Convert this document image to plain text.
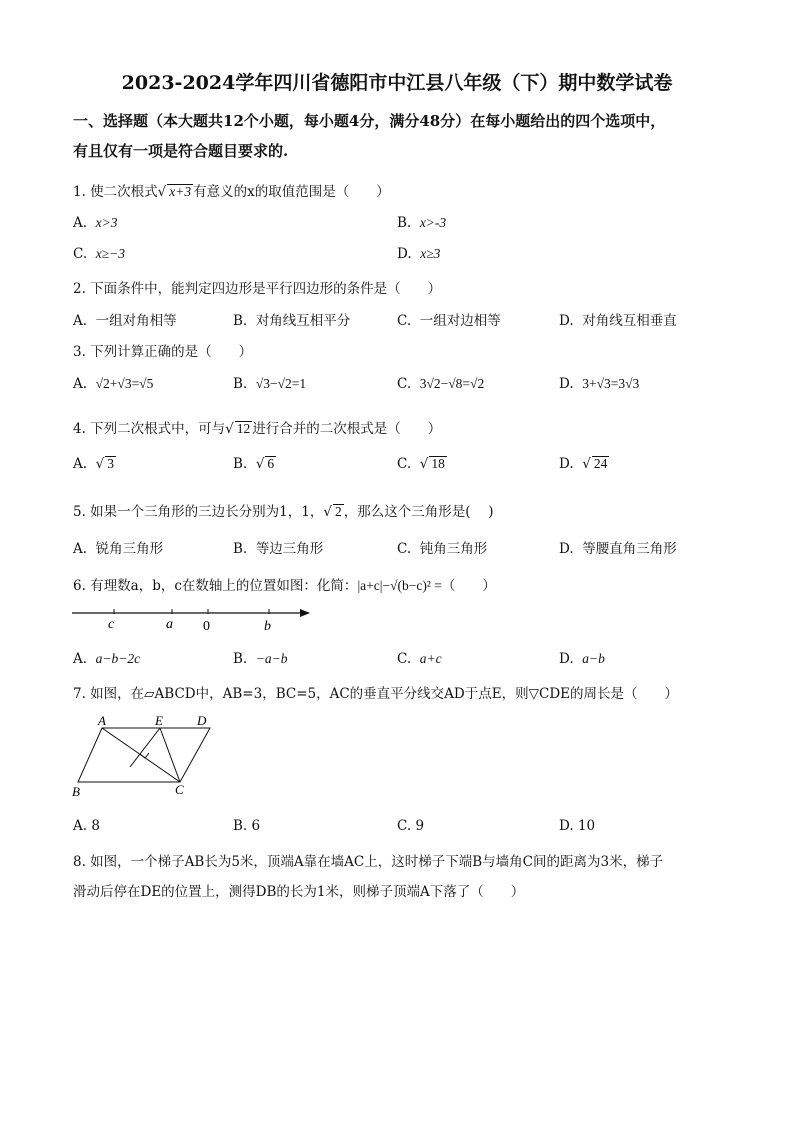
2023-2024学年四川省德阳市中江县八年级（下）期中数学试卷
一、选择题（本大题共12个小题，每小题4分，满分48分）在每小题给出的四个选项中，
有且仅有一项是符合题目要求的.
1. 使二次根式√ x+3 有意义的x的取值范围是（　　）
A. x>3	B. x>-3
C. x≥−3	D. x≥3
2. 下面条件中，能判定四边形是平行四边形的条件是（　　）
A. 一组对角相等	B. 对角线互相平分	C. 一组对边相等	D. 对角线互相垂直
3. 下列计算正确的是（　　）
A. √2+√3=√5	B. √3−√2=1	C. 3√2−√8=√2	D. 3+√3=3√3
4. 下列二次根式中，可与√ 12 进行合并的二次根式是（　　）
A. √ 3	B. √ 6	C. √ 18	D. √ 24
5. 如果一个三角形的三边长分别为1，1，√ 2 ，那么这个三角形是(　 )
A. 锐角三角形	B. 等边三角形	C. 钝角三角形	D. 等腰直角三角形
6. 有理数a，b，c在数轴上的位置如图：化简：|a+c|−√(b−c)² =（　　）
c	a 0	b
A. a−b−2c	B. −a−b	C. a+c	D. a−b
7. 如图，在▱ABCD中，AB=3，BC=5，AC的垂直平分线交AD于点E，则▽CDE的周长是（　　）
A	E	D
B	C
A. 8	B. 6	C. 9	D. 10
8. 如图，一个梯子AB长为5米，顶端A靠在墙AC上，这时梯子下端B与墙角C间的距离为3米，梯子
滑动后停在DE的位置上，测得DB的长为1米，则梯子顶端A下落了（　　）
